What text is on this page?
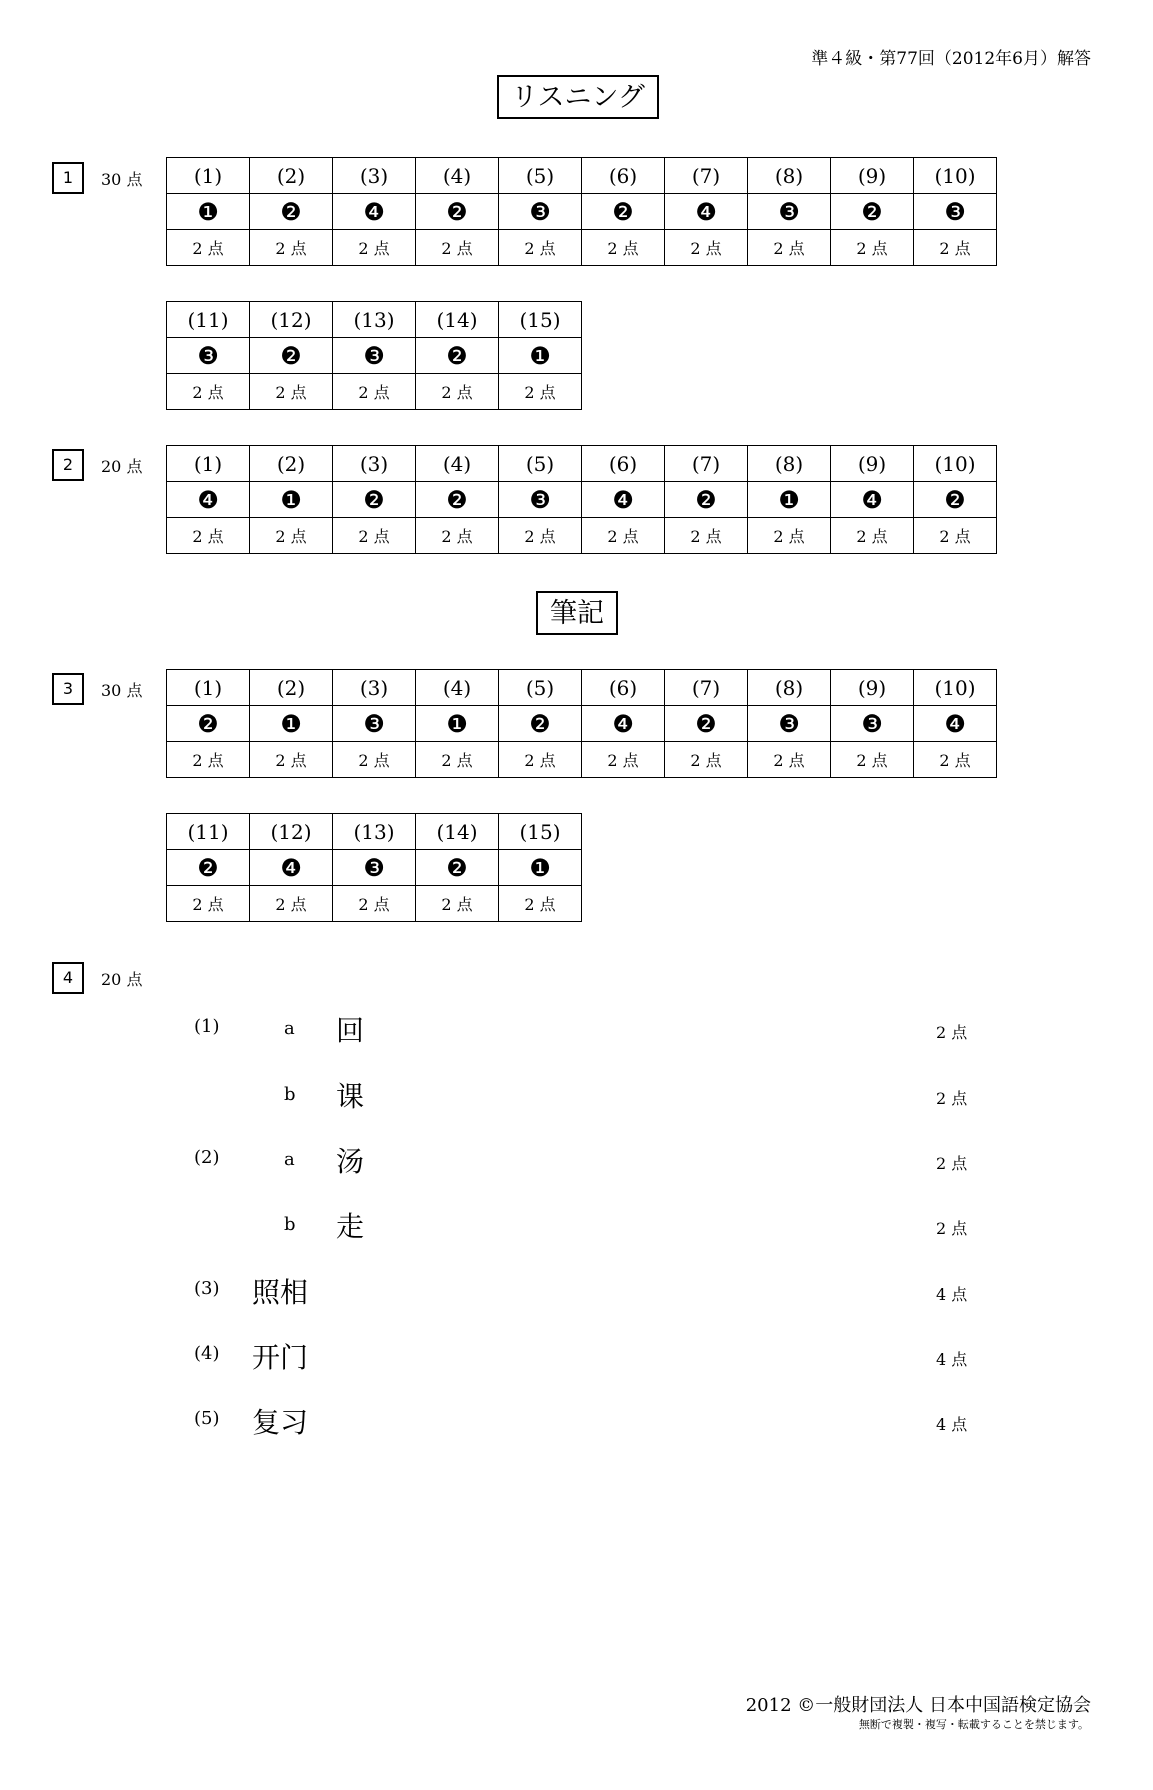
準４級・第77回（2012年6月）解答
リスニング
1	30 点	(1)	(2)	(3)	(4)	(5)	(6)	(7)	(8)	(9)	(10)
❶	❷	❹	❷	❸	❷	❹	❸	❷	❸
2 点	2 点	2 点	2 点	2 点	2 点	2 点	2 点	2 点	2 点
(11)	(12)	(13)	(14)	(15)
❸	❷	❸	❷	❶
2 点	2 点	2 点	2 点	2 点
2	20 点	(1)	(2)	(3)	(4)	(5)	(6)	(7)	(8)	(9)	(10)
❹	❶	❷	❷	❸	❹	❷	❶	❹	❷
2 点	2 点	2 点	2 点	2 点	2 点	2 点	2 点	2 点	2 点
筆記
3	30 点	(1)	(2)	(3)	(4)	(5)	(6)	(7)	(8)	(9)	(10)
❷	❶	❸	❶	❷	❹	❷	❸	❸	❹
2 点	2 点	2 点	2 点	2 点	2 点	2 点	2 点	2 点	2 点
(11)	(12)	(13)	(14)	(15)
❷	❹	❸	❷	❶
2 点	2 点	2 点	2 点	2 点
4	20 点
(1)	a 回	2 点
b 课	2 点
(2)	a 汤	2 点
b 走	2 点
(3) 照相	4 点
(4) 开门	4 点
(5) 复习	4 点
2012 ©一般財団法人 日本中国語検定協会
無断で複製・複写・転載することを禁じます。
